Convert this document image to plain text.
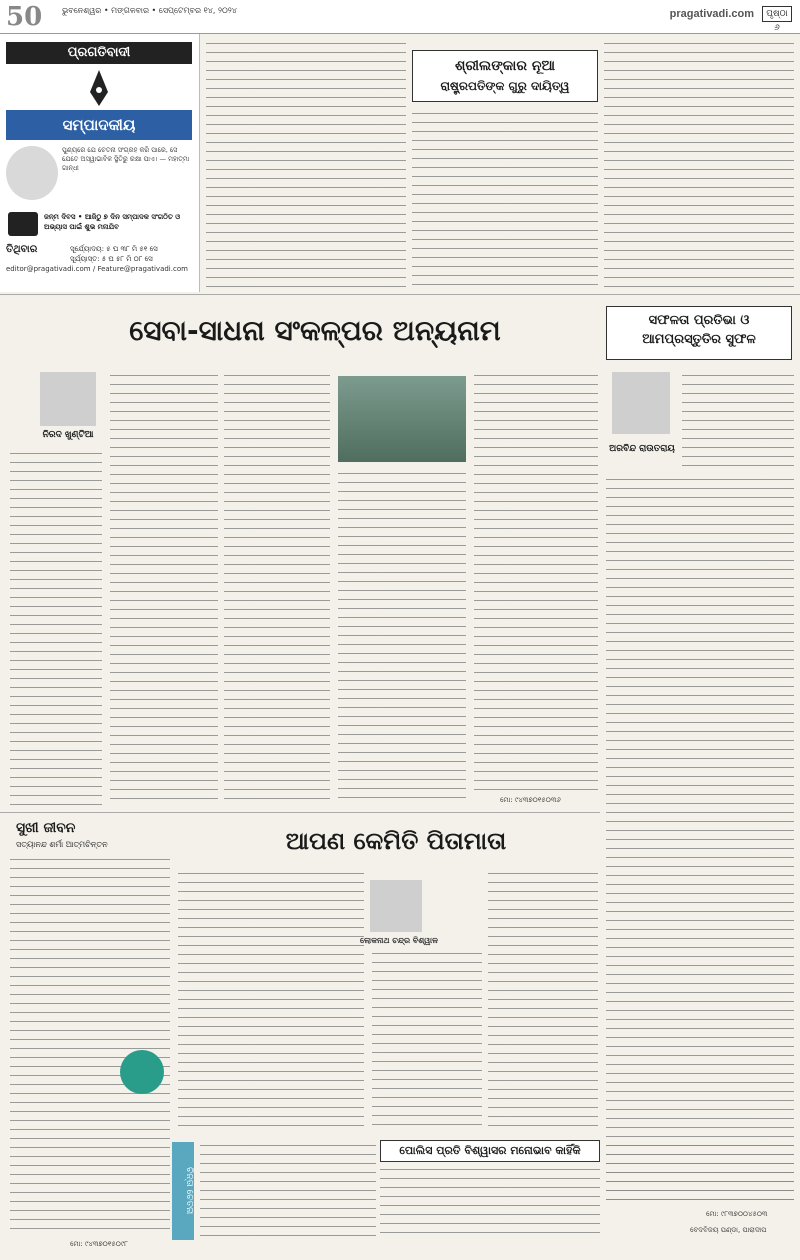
50	ଭୁବନେଶ୍ୱର • ମଙ୍ଗଳବାର • ସେପ୍ଟେମ୍ବର ୧୪, ୨୦୨୪	pragativadi.com	ପୃଷ୍ଠା ୬
ପ୍ରଗତିବାଦୀ
ସମ୍ପାଦକୀୟ
ପୁଣ୍ୟରେ ଯେ ଚେତନା ସଂଗ୍ରହ କରି ପାରେ, ସେ ଯେତେ ଅସ୍ୱାଭାବିକ ସ୍ଥିତିରୁ ରକ୍ଷା ପାଏ। — ମହାତ୍ମା ଗାନ୍ଧୀ
ଜନ୍ମ ଦିବସ • ଆଜିଠୁ ୭ ଦିନ ସମ୍ପାଦକ ସଂଗଠିତ ଓ ଅଭ୍ୟାସ ପାଇଁ ଶୁଭ ମନାଯିବ
ତିଥିବାର	ସୂର୍ଯ୍ୟୋଦୟ: ୫ ଘ ୩୮ ମି ୫୧ ସେ
ସୂର୍ଯ୍ୟାସ୍ତ: ୫ ଘ ୫୮ ମି ୦୮ ସେ
editor@pragativadi.com / Feature@pragativadi.com
ଶ୍ରୀଲଙ୍କାର ନୂଆ
ରାଷ୍ଟ୍ରପତିଙ୍କ ଗୁରୁ ଦାୟିତ୍ୱ
ସେବା-ସାଧନା ସଂକଳ୍ପର ଅନ୍ୟନାମ	ସଫଳତା ପ୍ରତିଭା ଓ
ଆମପ୍ରସ୍ତୁତିର ସୁଫଳ
ନିରଦ ଖୁଣ୍ଟିଆ
ମୋ: ୯୪୩୭୦୧୫୦୩୬
ଅରବିନ୍ଦ ରାଉତରାୟ
ମୋ: ୯୮୩୭୦୦୪୫୦୩
ସୁଖୀ ଜୀବନ
ସତ୍ୟାନନ୍ଦ ଶର୍ମା ଆତ୍ମଚିନ୍ତନ
ମୋ: ୯୪୩୭୦୧୫୦୯୮
ଆପଣ କେମିତି ପିତାମାତା
ଲୋକନାଥ ଚନ୍ଦ୍ର ବିଶ୍ୱାଳ
ଚିନ୍ତା ଚେତନା
ପୋଲିସ ପ୍ରତି ବିଶ୍ୱାସର ମନୋଭାବ କାହିଁକି
ବେଦବିଜୟ ପଣ୍ଡା, ପାରାଦୀପ
